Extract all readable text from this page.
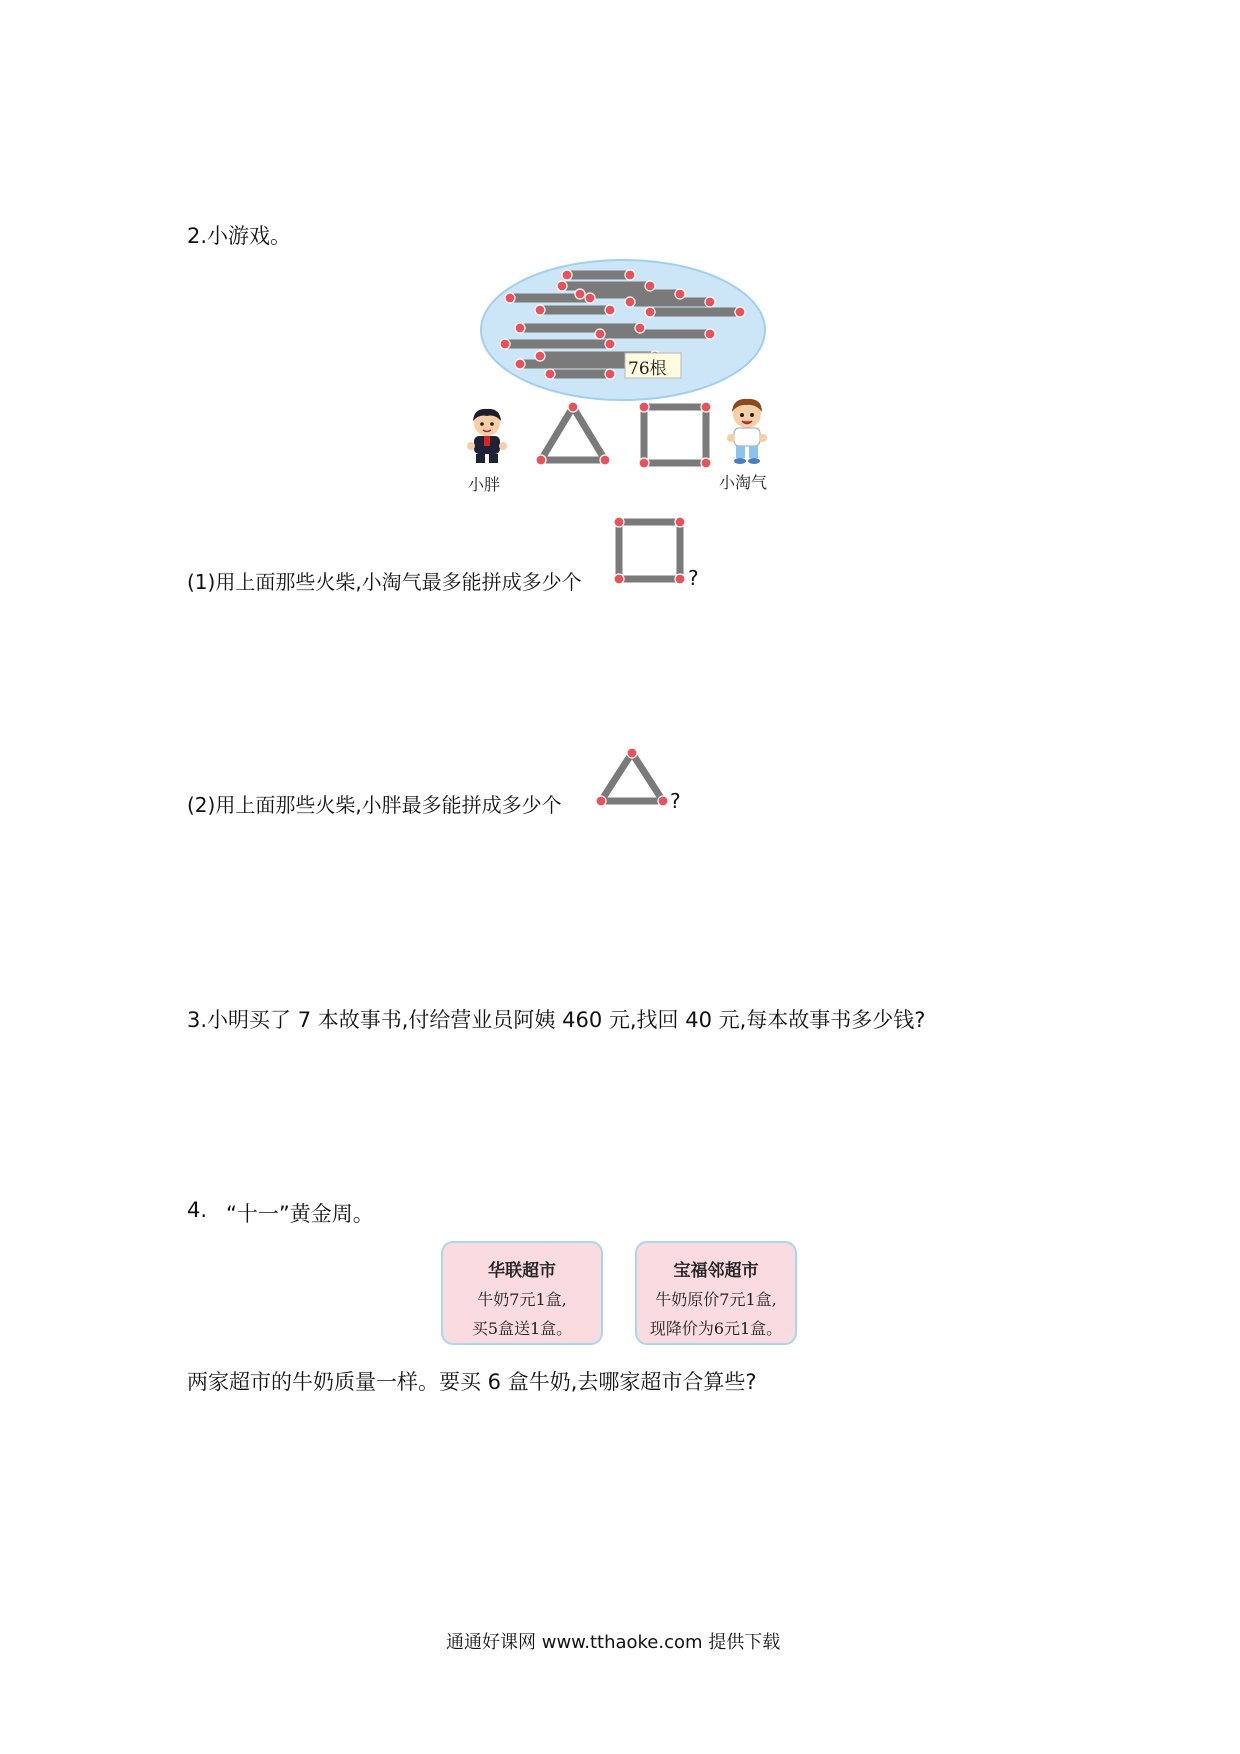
2.小游戏。
76根
小胖	小淘气
(1)用上面那些火柴,小淘气最多能拼成多少个	?
(2)用上面那些火柴,小胖最多能拼成多少个	?
3.小明买了 7 本故事书,付给营业员阿姨 460 元,找回 40 元,每本故事书多少钱?
4. “十一”黄金周。
华联超市
牛奶7元1盒,
买5盒送1盒。
宝福邻超市
牛奶原价7元1盒,
现降价为6元1盒。
两家超市的牛奶质量一样。要买 6 盒牛奶,去哪家超市合算些?
通通好课网 www.tthaoke.com 提供下载
